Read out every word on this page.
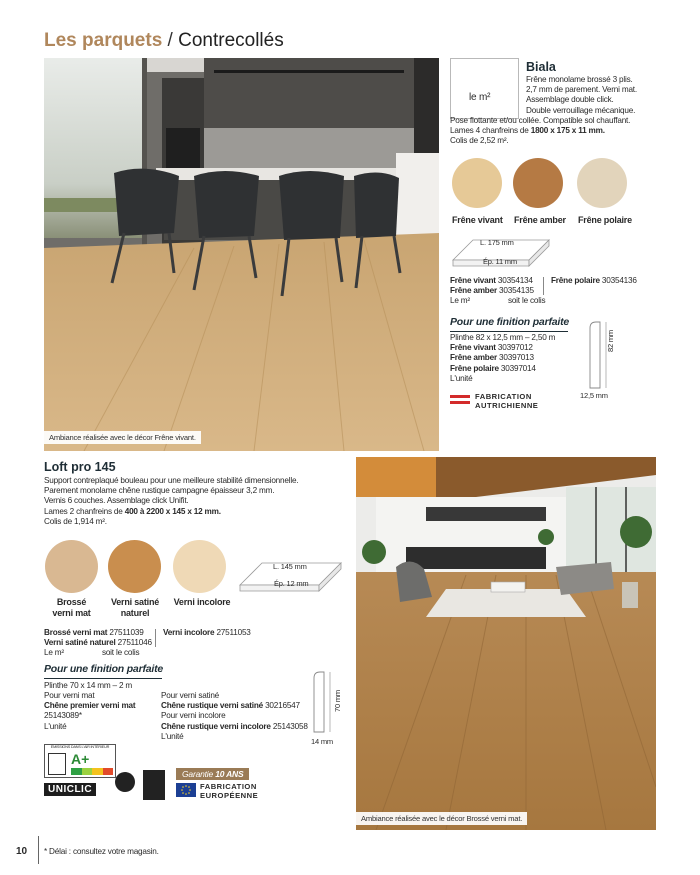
Les parquets / Contrecollés
Ambiance réalisée avec le décor Frêne vivant.
le m²
Biala
Frêne monolame brossé 3 plis.
2,7 mm de parement. Verni mat.
Assemblage double click.
Double verrouillage mécanique.
Pose flottante et/ou collée. Compatible sol chauffant.
Lames 4 chanfreins de 1800 x 175 x 11 mm.
Colis de 2,52 m².
Frêne vivant Frêne amber Frêne polaire
L. 175 mm
Ép. 11 mm
Frêne vivant 30354134
Frêne amber 30354135
Le m²	soit le colis
Frêne polaire 30354136
Pour une finition parfaite
Plinthe 82 x 12,5 mm – 2,50 m
Frêne vivant 30397012
Frêne amber 30397013
Frêne polaire 30397014
L'unité
82 mm
12,5 mm
FABRICATION
AUTRICHIENNE
Loft pro 145
Support contreplaqué bouleau pour une meilleure stabilité dimensionnelle.
Parement monolame chêne rustique campagne épaisseur 3,2 mm.
Vernis 6 couches. Assemblage click Unifit.
Lames 2 chanfreins de 400 à 2200 x 145 x 12 mm.
Colis de 1,914 m².
Brossé
verni mat
Verni satiné
naturel
Verni incolore
L. 145 mm
Ép. 12 mm
Brossé verni mat 27511039
Verni satiné naturel 27511046
Le m²	soit le colis
Verni incolore 27511053
Pour une finition parfaite
Plinthe 70 x 14 mm – 2 m
Pour verni mat
Chêne premier verni mat
25143089*
L'unité
Pour verni satiné
Chêne rustique verni satiné 30216547
Pour verni incolore
Chêne rustique verni incolore 25143058
L'unité
70 mm
14 mm
ÉMISSIONS DANS L'AIR INTÉRIEUR
A+
UNICLIC
Garantie 10 ANS
FABRICATION
EUROPÉENNE
Ambiance réalisée avec le décor Brossé verni mat.
10 * Délai : consultez votre magasin.
